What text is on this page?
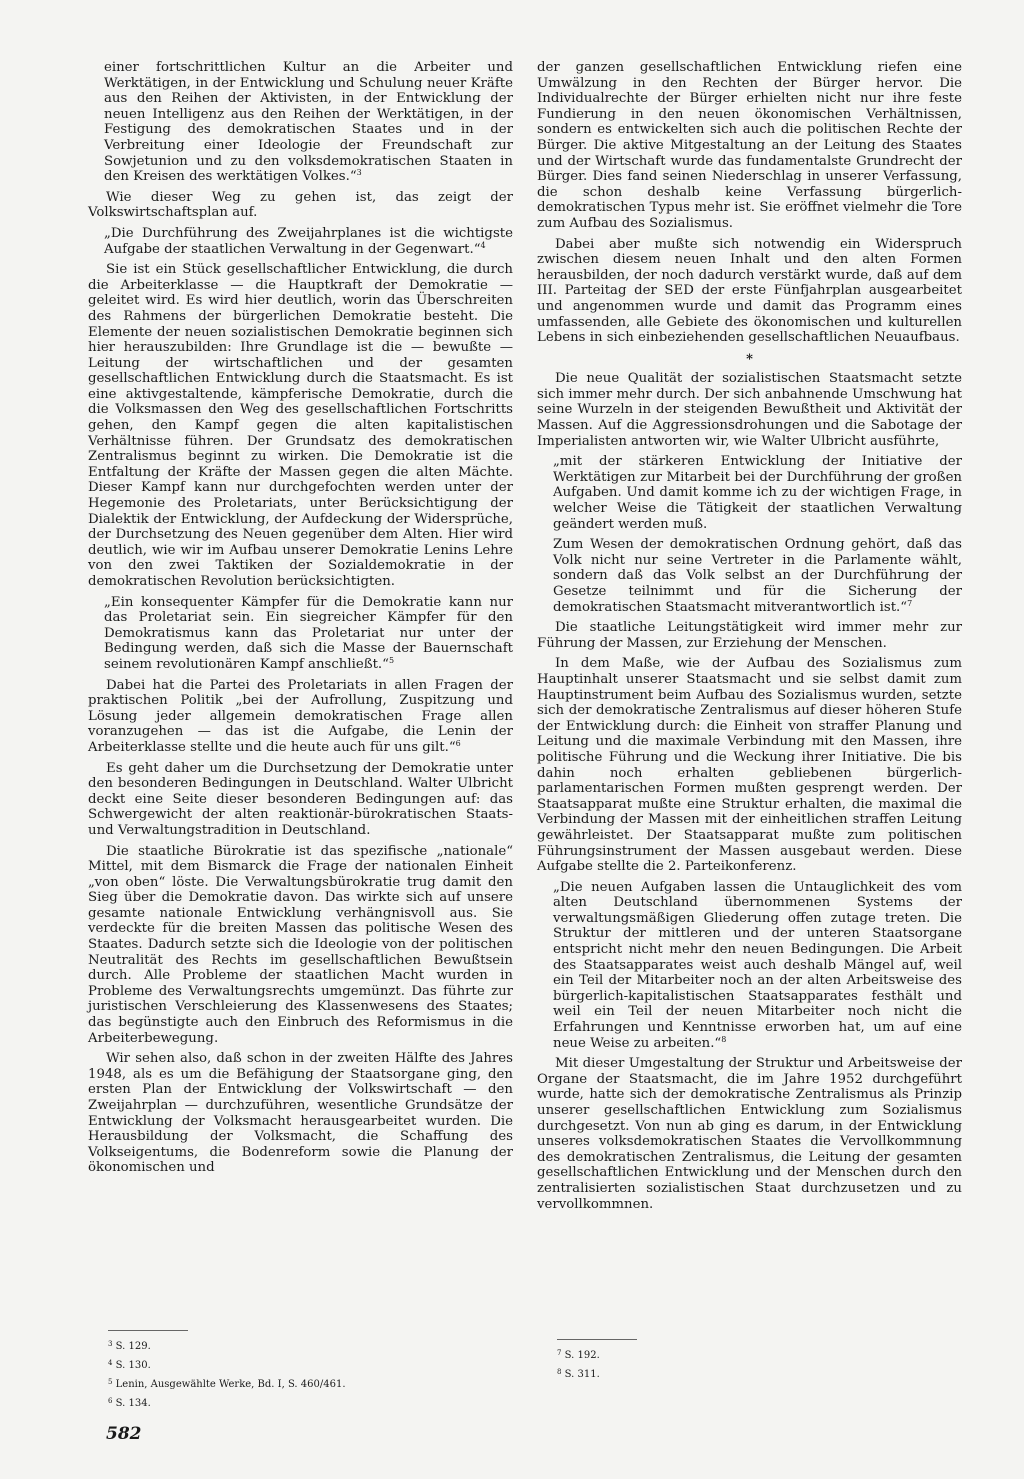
einer fortschrittlichen Kultur an die Arbeiter und Werktätigen, in der Entwicklung und Schulung neuer Kräfte aus den Reihen der Aktivisten, in der Entwicklung der neuen Intelligenz aus den Reihen der Werktätigen, in der Festigung des demokratischen Staates und in der Verbreitung einer Ideologie der Freundschaft zur Sowjetunion und zu den volksdemokratischen Staaten in den Kreisen des werktätigen Volkes.“$^3$

Wie dieser Weg zu gehen ist, das zeigt der Volkswirtschaftsplan auf.

„Die Durchführung des Zweijahrplanes ist die wichtigste Aufgabe der staatlichen Verwaltung in der Gegenwart.“$^4$

Sie ist ein Stück gesellschaftlicher Entwicklung, die durch die Arbeiterklasse — die Hauptkraft der Demokratie — geleitet wird. Es wird hier deutlich, worin das Überschreiten des Rahmens der bürgerlichen Demokratie besteht. Die Elemente der neuen sozialistischen Demokratie beginnen sich hier herauszubilden: Ihre Grundlage ist die — bewußte — Leitung der wirtschaftlichen und der gesamten gesellschaftlichen Entwicklung durch die Staatsmacht. Es ist eine aktivgestaltende, kämpferische Demokratie, durch die die Volksmassen den Weg des gesellschaftlichen Fortschritts gehen, den Kampf gegen die alten kapitalistischen Verhältnisse führen. Der Grundsatz des demokratischen Zentralismus beginnt zu wirken. Die Demokratie ist die Entfaltung der Kräfte der Massen gegen die alten Mächte. Dieser Kampf kann nur durchgefochten werden unter der Hegemonie des Proletariats, unter Berücksichtigung der Dialektik der Entwicklung, der Aufdeckung der Widersprüche, der Durchsetzung des Neuen gegenüber dem Alten. Hier wird deutlich, wie wir im Aufbau unserer Demokratie Lenins Lehre von den zwei Taktiken der Sozialdemokratie in der demokratischen Revolution berücksichtigten.

„Ein konsequenter Kämpfer für die Demokratie kann nur das Proletariat sein. Ein siegreicher Kämpfer für den Demokratismus kann das Proletariat nur unter der Bedingung werden, daß sich die Masse der Bauernschaft seinem revolutionären Kampf anschließt.“$^5$

Dabei hat die Partei des Proletariats in allen Fragen der praktischen Politik „bei der Aufrollung, Zuspitzung und Lösung jeder allgemein demokratischen Frage allen voranzugehen — das ist die Aufgabe, die Lenin der Arbeiterklasse stellte und die heute auch für uns gilt.“$^6$

Es geht daher um die Durchsetzung der Demokratie unter den besonderen Bedingungen in Deutschland. Walter Ulbricht deckt eine Seite dieser besonderen Bedingungen auf: das Schwergewicht der alten reaktionär-bürokratischen Staats- und Verwaltungstradition in Deutschland.

Die staatliche Bürokratie ist das spezifische „nationale“ Mittel, mit dem Bismarck die Frage der nationalen Einheit „von oben“ löste. Die Verwaltungsbürokratie trug damit den Sieg über die Demokratie davon. Das wirkte sich auf unsere gesamte nationale Entwicklung verhängnisvoll aus. Sie verdeckte für die breiten Massen das politische Wesen des Staates. Dadurch setzte sich die Ideologie von der politischen Neutralität des Rechts im gesellschaftlichen Bewußtsein durch. Alle Probleme der staatlichen Macht wurden in Probleme des Verwaltungsrechts umgemünzt. Das führte zur juristischen Verschleierung des Klassenwesens des Staates; das begünstigte auch den Einbruch des Reformismus in die Arbeiterbewegung.

Wir sehen also, daß schon in der zweiten Hälfte des Jahres 1948, als es um die Befähigung der Staatsorgane ging, den ersten Plan der Entwicklung der Volkswirtschaft — den Zweijahrplan — durchzuführen, wesentliche Grundsätze der Entwicklung der Volksmacht herausgearbeitet wurden. Die Herausbildung der Volksmacht, die Schaffung des Volkseigentums, die Bodenreform sowie die Planung der ökonomischen und

der ganzen gesellschaftlichen Entwicklung riefen eine Umwälzung in den Rechten der Bürger hervor. Die Individualrechte der Bürger erhielten nicht nur ihre feste Fundierung in den neuen ökonomischen Verhältnissen, sondern es entwickelten sich auch die politischen Rechte der Bürger. Die aktive Mitgestaltung an der Leitung des Staates und der Wirtschaft wurde das fundamentalste Grundrecht der Bürger. Dies fand seinen Niederschlag in unserer Verfassung, die schon deshalb keine Verfassung bürgerlich-demokratischen Typus mehr ist. Sie eröffnet vielmehr die Tore zum Aufbau des Sozialismus.

Dabei aber mußte sich notwendig ein Widerspruch zwischen diesem neuen Inhalt und den alten Formen herausbilden, der noch dadurch verstärkt wurde, daß auf dem III. Parteitag der SED der erste Fünfjahrplan ausgearbeitet und angenommen wurde und damit das Programm eines umfassenden, alle Gebiete des ökonomischen und kulturellen Lebens in sich einbeziehenden gesellschaftlichen Neuaufbaus.

*

Die neue Qualität der sozialistischen Staatsmacht setzte sich immer mehr durch. Der sich anbahnende Umschwung hat seine Wurzeln in der steigenden Bewußtheit und Aktivität der Massen. Auf die Aggressionsdrohungen und die Sabotage der Imperialisten antworten wir, wie Walter Ulbricht ausführte,

„mit der stärkeren Entwicklung der Initiative der Werktätigen zur Mitarbeit bei der Durchführung der großen Aufgaben. Und damit komme ich zu der wichtigen Frage, in welcher Weise die Tätigkeit der staatlichen Verwaltung geändert werden muß.

Zum Wesen der demokratischen Ordnung gehört, daß das Volk nicht nur seine Vertreter in die Parlamente wählt, sondern daß das Volk selbst an der Durchführung der Gesetze teilnimmt und für die Sicherung der demokratischen Staatsmacht mitverantwortlich ist.“$^7$

Die staatliche Leitungstätigkeit wird immer mehr zur Führung der Massen, zur Erziehung der Menschen.

In dem Maße, wie der Aufbau des Sozialismus zum Hauptinhalt unserer Staatsmacht und sie selbst damit zum Hauptinstrument beim Aufbau des Sozialismus wurden, setzte sich der demokratische Zentralismus auf dieser höheren Stufe der Entwicklung durch: die Einheit von straffer Planung und Leitung und die maximale Verbindung mit den Massen, ihre politische Führung und die Weckung ihrer Initiative. Die bis dahin noch erhalten gebliebenen bürgerlich-parlamentarischen Formen mußten gesprengt werden. Der Staatsapparat mußte eine Struktur erhalten, die maximal die Verbindung der Massen mit der einheitlichen straffen Leitung gewährleistet. Der Staatsapparat mußte zum politischen Führungsinstrument der Massen ausgebaut werden. Diese Aufgabe stellte die 2. Parteikonferenz.

„Die neuen Aufgaben lassen die Untauglichkeit des vom alten Deutschland übernommenen Systems der verwaltungsmäßigen Gliederung offen zutage treten. Die Struktur der mittleren und der unteren Staatsorgane entspricht nicht mehr den neuen Bedingungen. Die Arbeit des Staatsapparates weist auch deshalb Mängel auf, weil ein Teil der Mitarbeiter noch an der alten Arbeitsweise des bürgerlich-kapitalistischen Staatsapparates festhält und weil ein Teil der neuen Mitarbeiter noch nicht die Erfahrungen und Kenntnisse erworben hat, um auf eine neue Weise zu arbeiten.“$^8$

Mit dieser Umgestaltung der Struktur und Arbeitsweise der Organe der Staatsmacht, die im Jahre 1952 durchgeführt wurde, hatte sich der demokratische Zentralismus als Prinzip unserer gesellschaftlichen Entwicklung zum Sozialismus durchgesetzt. Von nun ab ging es darum, in der Entwicklung unseres volksdemokratischen Staates die Vervollkommnung des demokratischen Zentralismus, die Leitung der gesamten gesellschaftlichen Entwicklung und der Menschen durch den zentralisierten sozialistischen Staat durchzusetzen und zu vervollkommnen.

$^3$ S. 129.
$^4$ S. 130.
$^5$ Lenin, Ausgewählte Werke, Bd. I, S. 460/461.
$^6$ S. 134.
$^7$ S. 192.
$^8$ S. 311.
582
